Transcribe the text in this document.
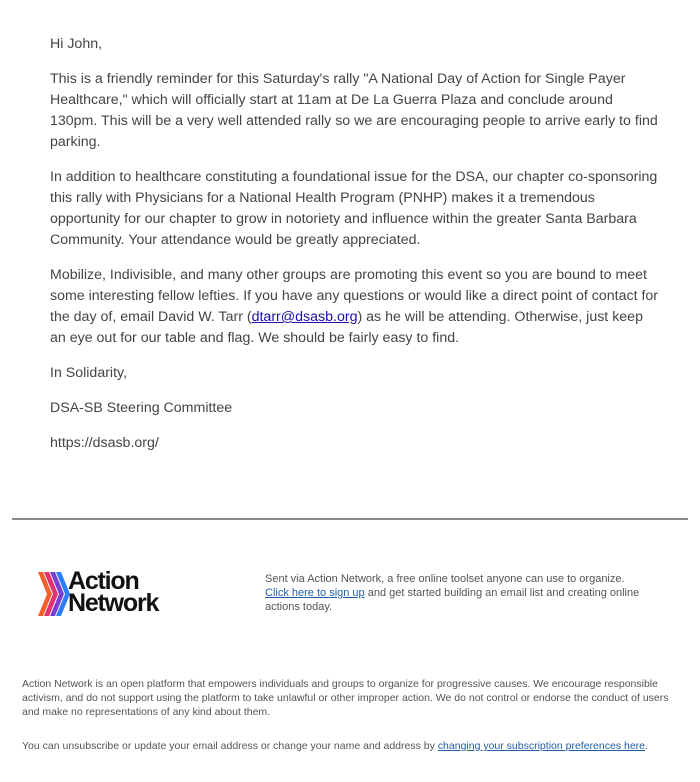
Hi John,

This is a friendly reminder for this Saturday's rally "A National Day of Action for Single Payer Healthcare," which will officially start at 11am at De La Guerra Plaza and conclude around 130pm. This will be a very well attended rally so we are encouraging people to arrive early to find parking.

In addition to healthcare constituting a foundational issue for the DSA, our chapter co-sponsoring this rally with Physicians for a National Health Program (PNHP) makes it a tremendous opportunity for our chapter to grow in notoriety and influence within the greater Santa Barbara Community. Your attendance would be greatly appreciated.

Mobilize, Indivisible, and many other groups are promoting this event so you are bound to meet some interesting fellow lefties. If you have any questions or would like a direct point of contact for the day of, email David W. Tarr (dtarr@dsasb.org) as he will be attending. Otherwise, just keep an eye out for our table and flag. We should be fairly easy to find.

In Solidarity,

DSA-SB Steering Committee

https://dsasb.org/

Action
Network
Sent via Action Network, a free online toolset anyone can use to organize.
Click here to sign up and get started building an email list and creating online actions today.
Action Network is an open platform that empowers individuals and groups to organize for progressive causes. We encourage responsible activism, and do not support using the platform to take unlawful or other improper action. We do not control or endorse the conduct of users and make no representations of any kind about them.
You can unsubscribe or update your email address or change your name and address by changing your subscription preferences here.
